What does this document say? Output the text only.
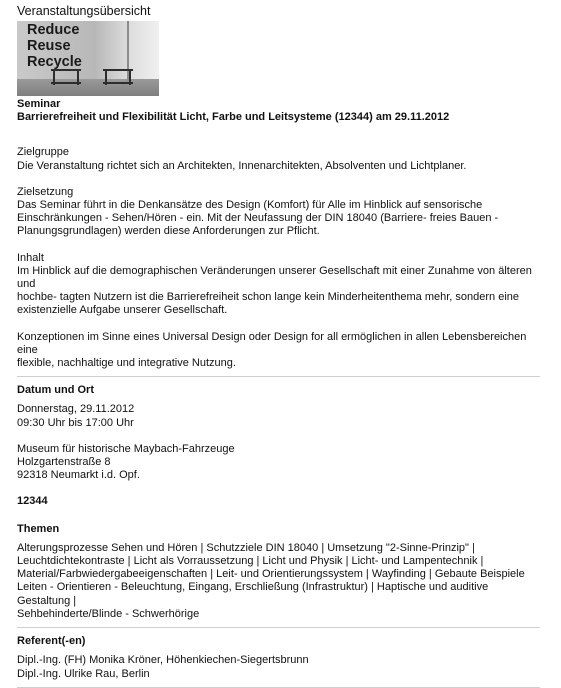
Veranstaltungsübersicht
Reduce
Reuse
Recycle
Seminar
Barrierefreiheit und Flexibilität Licht, Farbe und Leitsysteme (12344) am 29.11.2012

Zielgruppe

Die Veranstaltung richtet sich an Architekten, Innenarchitekten, Absolventen und Lichtplaner.

Zielsetzung

Das Seminar führt in die Denkansätze des Design (Komfort) für Alle im Hinblick auf sensorische

Einschränkungen - Sehen/Hören - ein. Mit der Neufassung der DIN 18040 (Barriere- freies Bauen -

Planungsgrundlagen) werden diese Anforderungen zur Pflicht.

Inhalt

Im Hinblick auf die demographischen Veränderungen unserer Gesellschaft mit einer Zunahme von älteren und

hochbe- tagten Nutzern ist die Barrierefreiheit schon lange kein Minderheitenthema mehr, sondern eine

existenzielle Aufgabe unserer Gesellschaft.

Konzeptionen im Sinne eines Universal Design oder Design for all ermöglichen in allen Lebensbereichen eine

flexible, nachhaltige und integrative Nutzung.

Datum und Ort
Donnerstag, 29.11.2012
09:30 Uhr bis 17:00 Uhr
Museum für historische Maybach-Fahrzeuge
Holzgartenstraße 8
92318 Neumarkt i.d. Opf.
12344
Themen
Alterungsprozesse Sehen und Hören | Schutzziele DIN 18040 | Umsetzung "2-Sinne-Prinzip" |
Leuchtdichtekontraste | Licht als Vorraussetzung | Licht und Physik | Licht- und Lampentechnik |
Material/Farbwiedergabeeigenschaften | Leit- und Orientierungssystem | Wayfinding | Gebaute Beispiele
Leiten - Orientieren - Beleuchtung, Eingang, Erschließung (Infrastruktur) | Haptische und auditive Gestaltung |
Sehbehinderte/Blinde - Schwerhörige
Referent(-en)
Dipl.-Ing. (FH) Monika Kröner, Höhenkiechen-Siegertsbrunn
Dipl.-Ing. Ulrike Rau, Berlin
